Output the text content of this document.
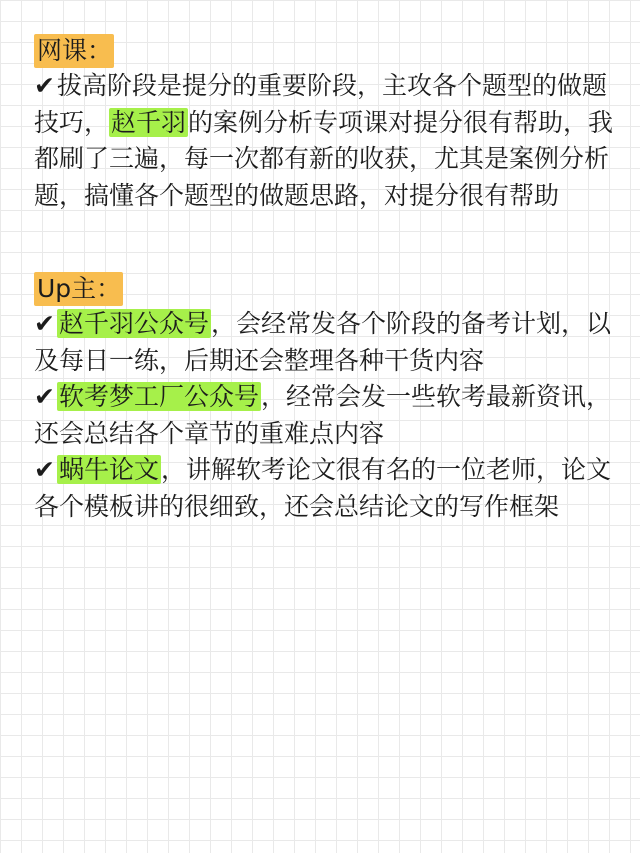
网课：

✔拔高阶段是提分的重要阶段，主攻各个题型的做题技巧，赵千羽的案例分析专项课对提分很有帮助，我都刷了三遍，每一次都有新的收获，尤其是案例分析题，搞懂各个题型的做题思路，对提分很有帮助

Up主：

✔ 赵千羽公众号，会经常发各个阶段的备考计划，以及每日一练，后期还会整理各种干货内容

✔ 软考梦工厂公众号，经常会发一些软考最新资讯，还会总结各个章节的重难点内容

✔ 蜗牛论文，讲解软考论文很有名的一位老师，论文各个模板讲的很细致，还会总结论文的写作框架
